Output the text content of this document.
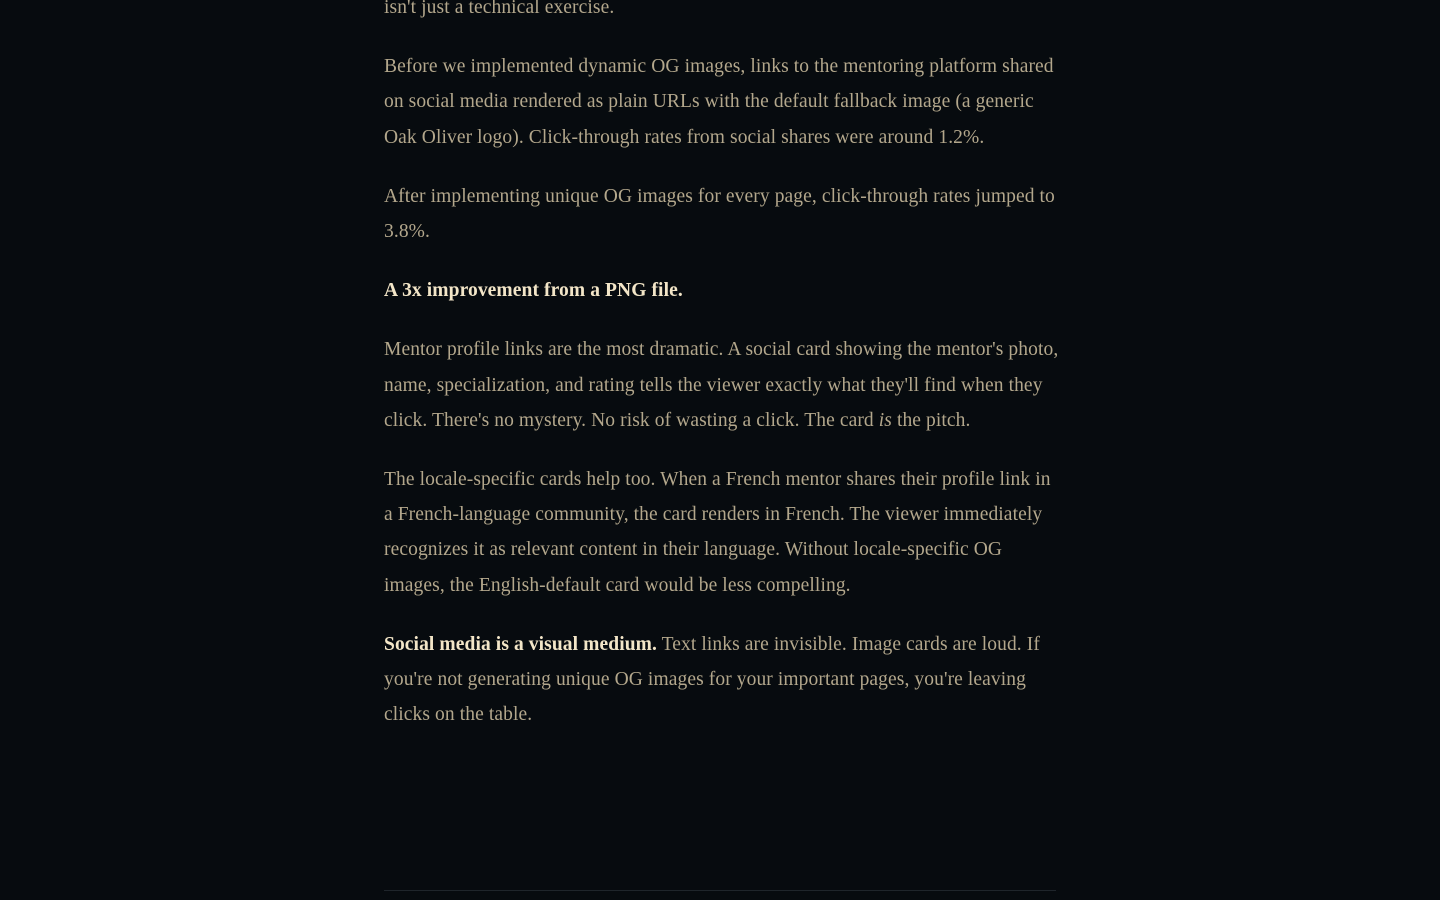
isn't just a technical exercise.

Before we implemented dynamic OG images, links to the mentoring platform shared on social media rendered as plain URLs with the default fallback image (a generic Oak Oliver logo). Click-through rates from social shares were around 1.2%.

After implementing unique OG images for every page, click-through rates jumped to 3.8%.

A 3x improvement from a PNG file.

Mentor profile links are the most dramatic. A social card showing the mentor's photo, name, specialization, and rating tells the viewer exactly what they'll find when they click. There's no mystery. No risk of wasting a click. The card is the pitch.

The locale-specific cards help too. When a French mentor shares their profile link in a French-language community, the card renders in French. The viewer immediately recognizes it as relevant content in their language. Without locale-specific OG images, the English-default card would be less compelling.

Social media is a visual medium. Text links are invisible. Image cards are loud. If you're not generating unique OG images for your important pages, you're leaving clicks on the table.
